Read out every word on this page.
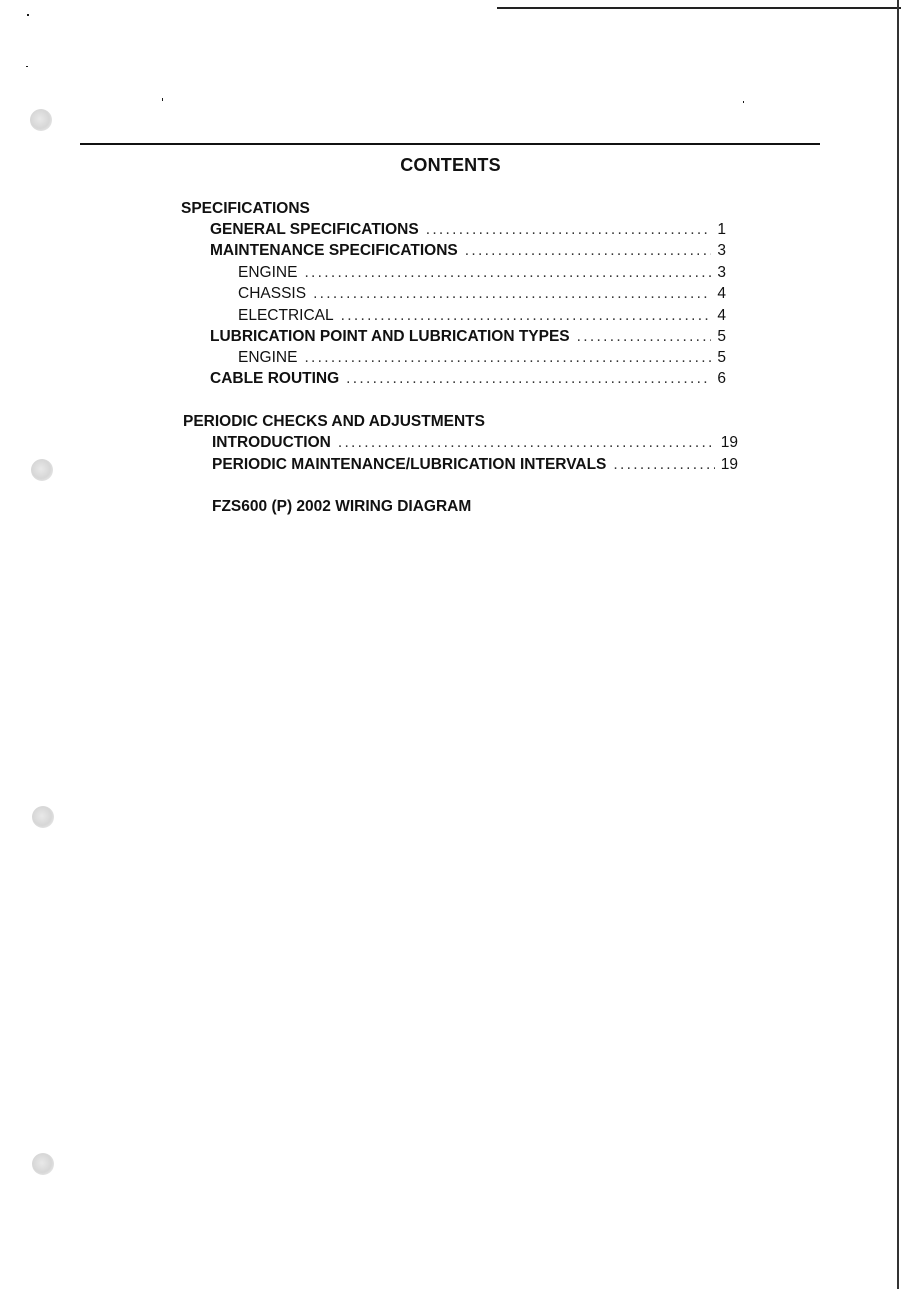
CONTENTS
SPECIFICATIONS
GENERAL SPECIFICATIONS . . .	1
MAINTENANCE SPECIFICATIONS . . .	3
ENGINE . . .	3
CHASSIS . . .	4
ELECTRICAL . . .	4
LUBRICATION POINT AND LUBRICATION TYPES . . .	5
ENGINE . . .	5
CABLE ROUTING . . .	6
PERIODIC CHECKS AND ADJUSTMENTS
INTRODUCTION . . .	19
PERIODIC MAINTENANCE/LUBRICATION INTERVALS . . .	19
FZS600 (P) 2002 WIRING DIAGRAM
